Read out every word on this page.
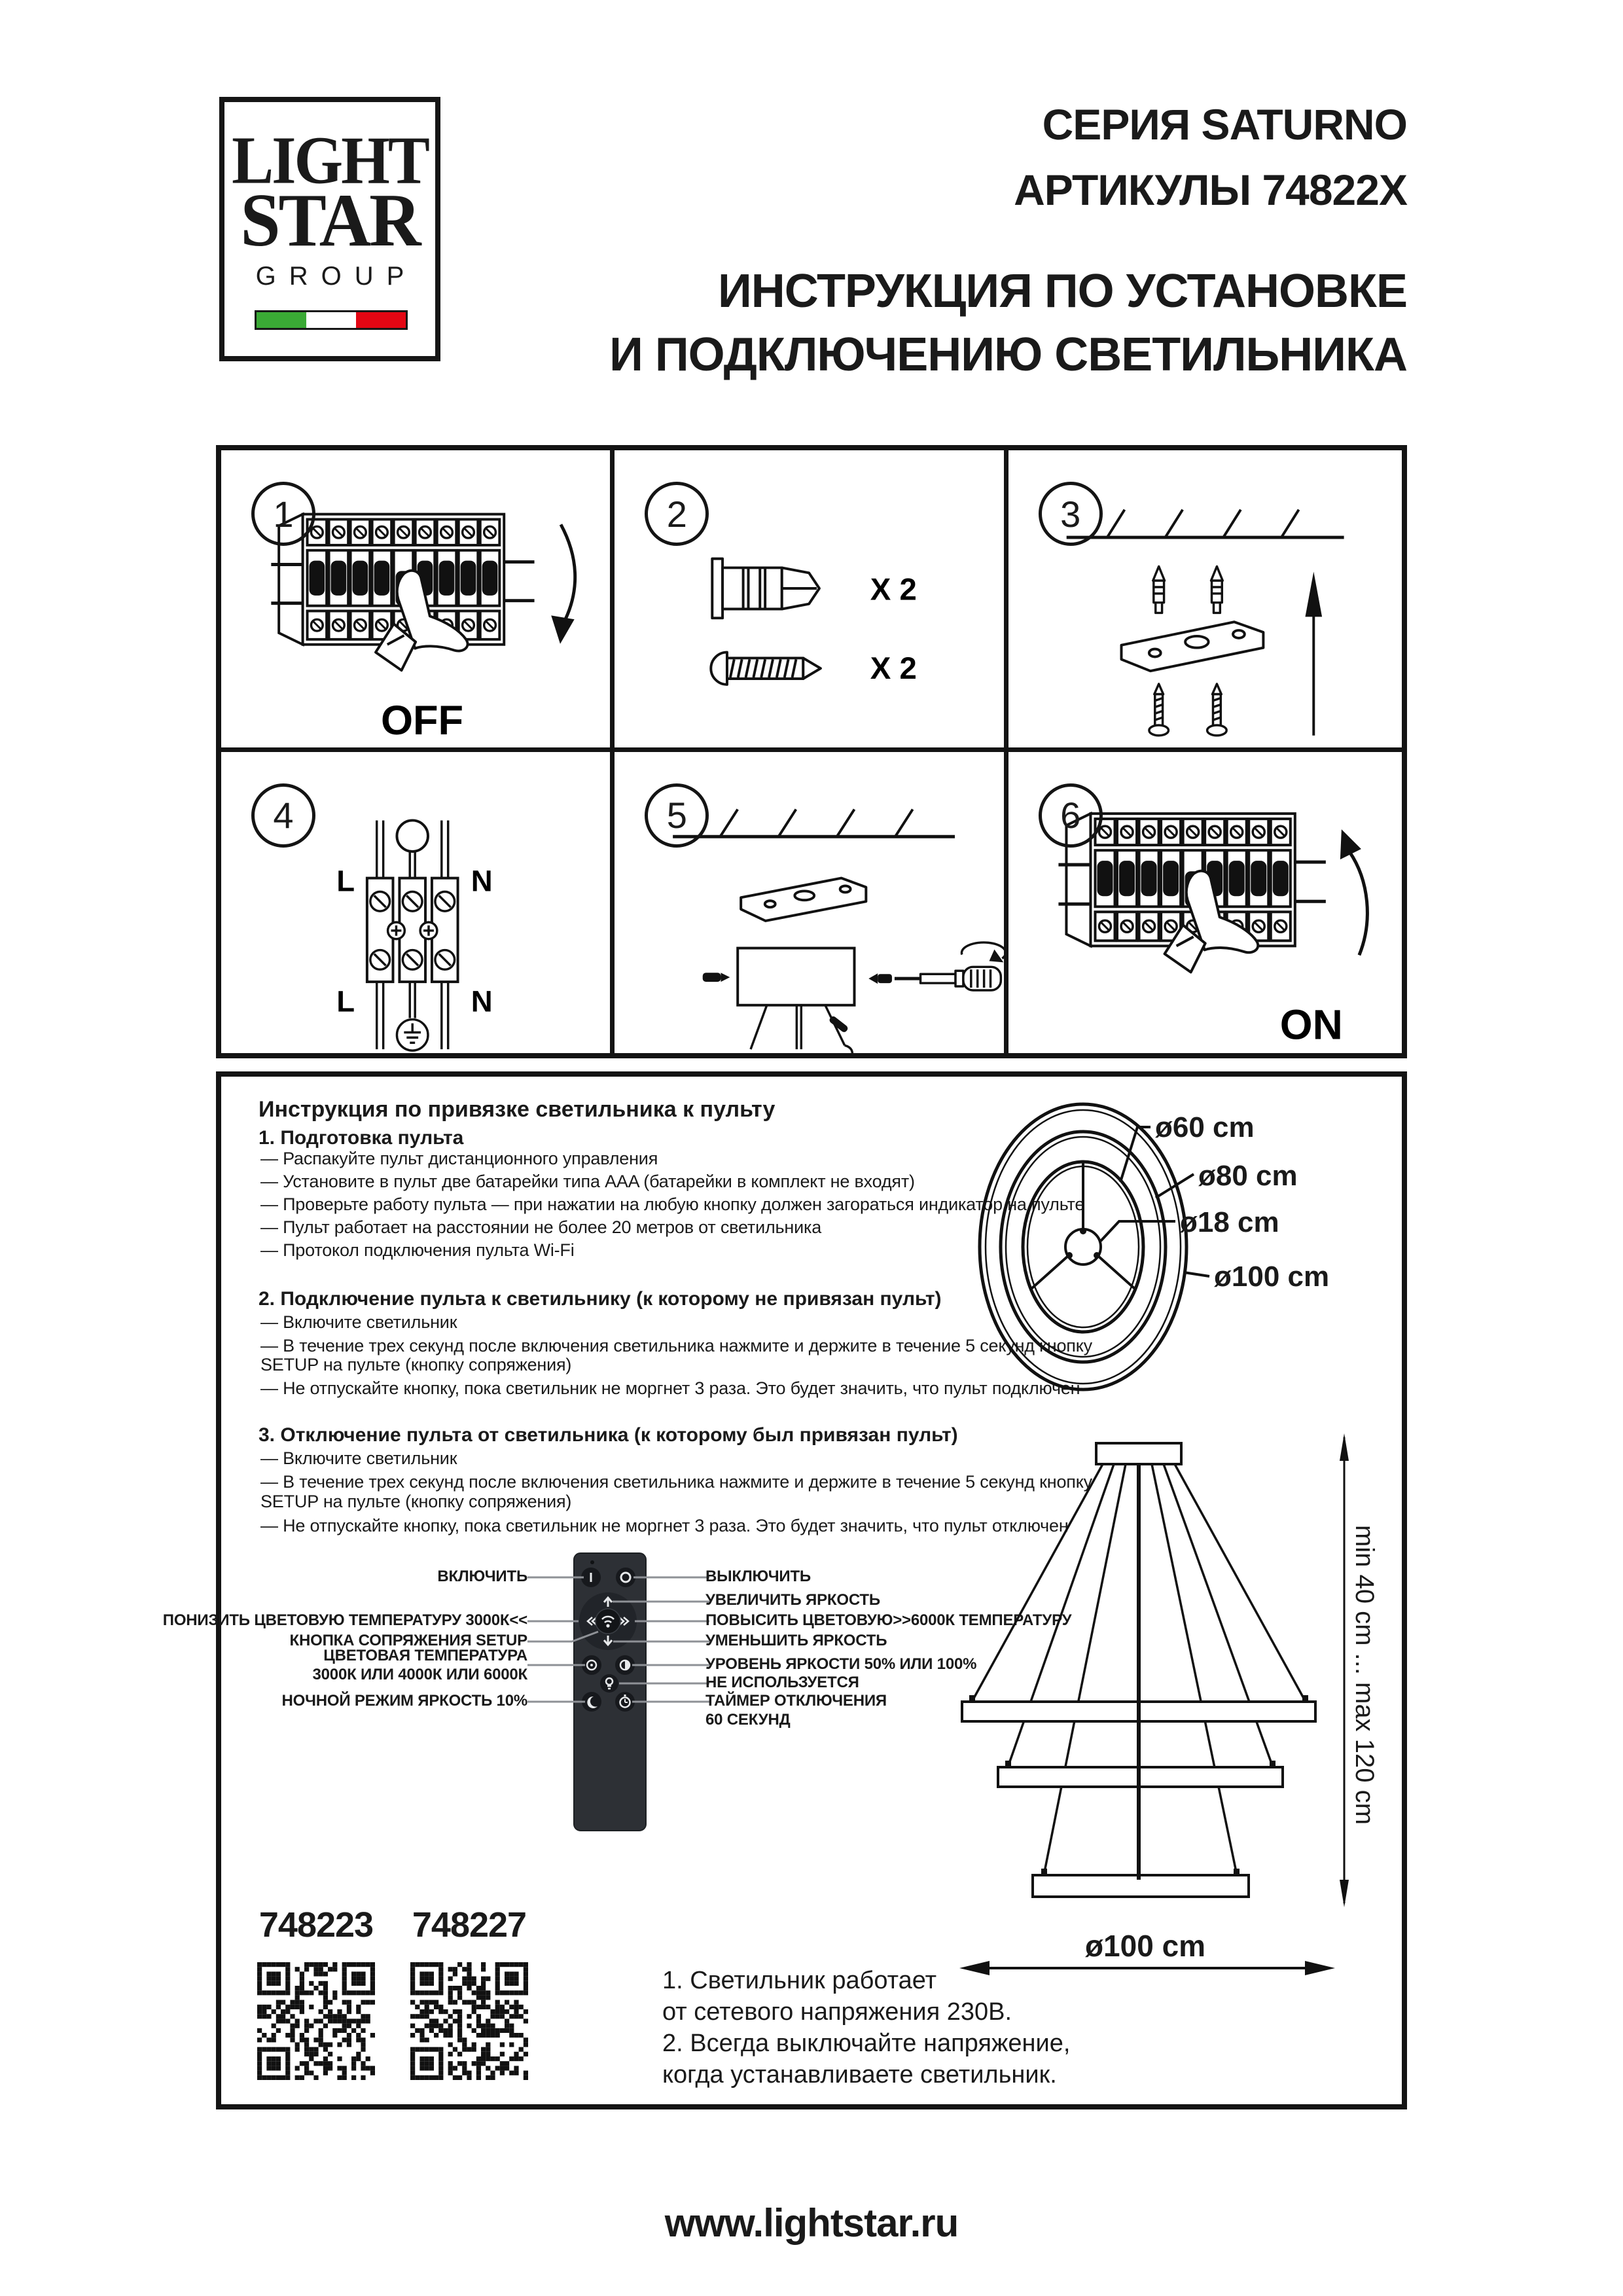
LIGHT
STAR
GROUP
СЕРИЯ SATURNO
АРТИКУЛЫ 74822X
ИНСТРУКЦИЯ ПО УСТАНОВКЕ
И ПОДКЛЮЧЕНИЮ СВЕТИЛЬНИКА
1
OFF
2
X 2
X 2
3
4
L	N
L	N
5	6
ON
Инструкция по привязке светильника к пульту
1. Подготовка пульта
— Распакуйте пульт дистанционного управления
— Установите в пульт две батарейки типа AAA (батарейки в комплект не входят)
— Проверьте работу пульта — при нажатии на любую кнопку должен загораться индикатор на пульте
— Пульт работает на расстоянии не более 20 метров от светильника
— Протокол подключения пульта Wi-Fi
2. Подключение пульта к светильнику (к которому не привязан пульт)
— Включите светильник
— В течение трех секунд после включения светильника нажмите и держите в течение 5 секунд кнопку
SETUP на пульте (кнопку сопряжения)
— Не отпускайте кнопку, пока светильник не моргнет 3 раза. Это будет значить, что пульт подключен
3. Отключение пульта от светильника (к которому был привязан пульт)
— Включите светильник
— В течение трех секунд после включения светильника нажмите и держите в течение 5 секунд кнопку
SETUP на пульте (кнопку сопряжения)
— Не отпускайте кнопку, пока светильник не моргнет 3 раза. Это будет значить, что пульт отключен
ø60 cm
ø80 cm
ø18 cm
ø100 cm
ВКЛЮЧИТЬ
ПОНИЗИТЬ ЦВЕТОВУЮ ТЕМПЕРАТУРУ 3000К<<
КНОПКА СОПРЯЖЕНИЯ SETUP
ЦВЕТОВАЯ ТЕМПЕРАТУРА
3000К ИЛИ 4000К ИЛИ 6000К
НОЧНОЙ РЕЖИМ ЯРКОСТЬ 10%
ВЫКЛЮЧИТЬ
УВЕЛИЧИТЬ ЯРКОСТЬ
ПОВЫСИТЬ ЦВЕТОВУЮ>>6000К ТЕМПЕРАТУРУ
УМЕНЬШИТЬ ЯРКОСТЬ
УРОВЕНЬ ЯРКОСТИ 50% ИЛИ 100%
НЕ ИСПОЛЬЗУЕТСЯ
ТАЙМЕР ОТКЛЮЧЕНИЯ
60 СЕКУНД	min 40 cm ... max 120 cm
ø100 cm
748223 748227
1. Светильник работает
от сетевого напряжения 230В.
2. Всегда выключайте напряжение,
когда устанавливаете светильник.
www.lightstar.ru
